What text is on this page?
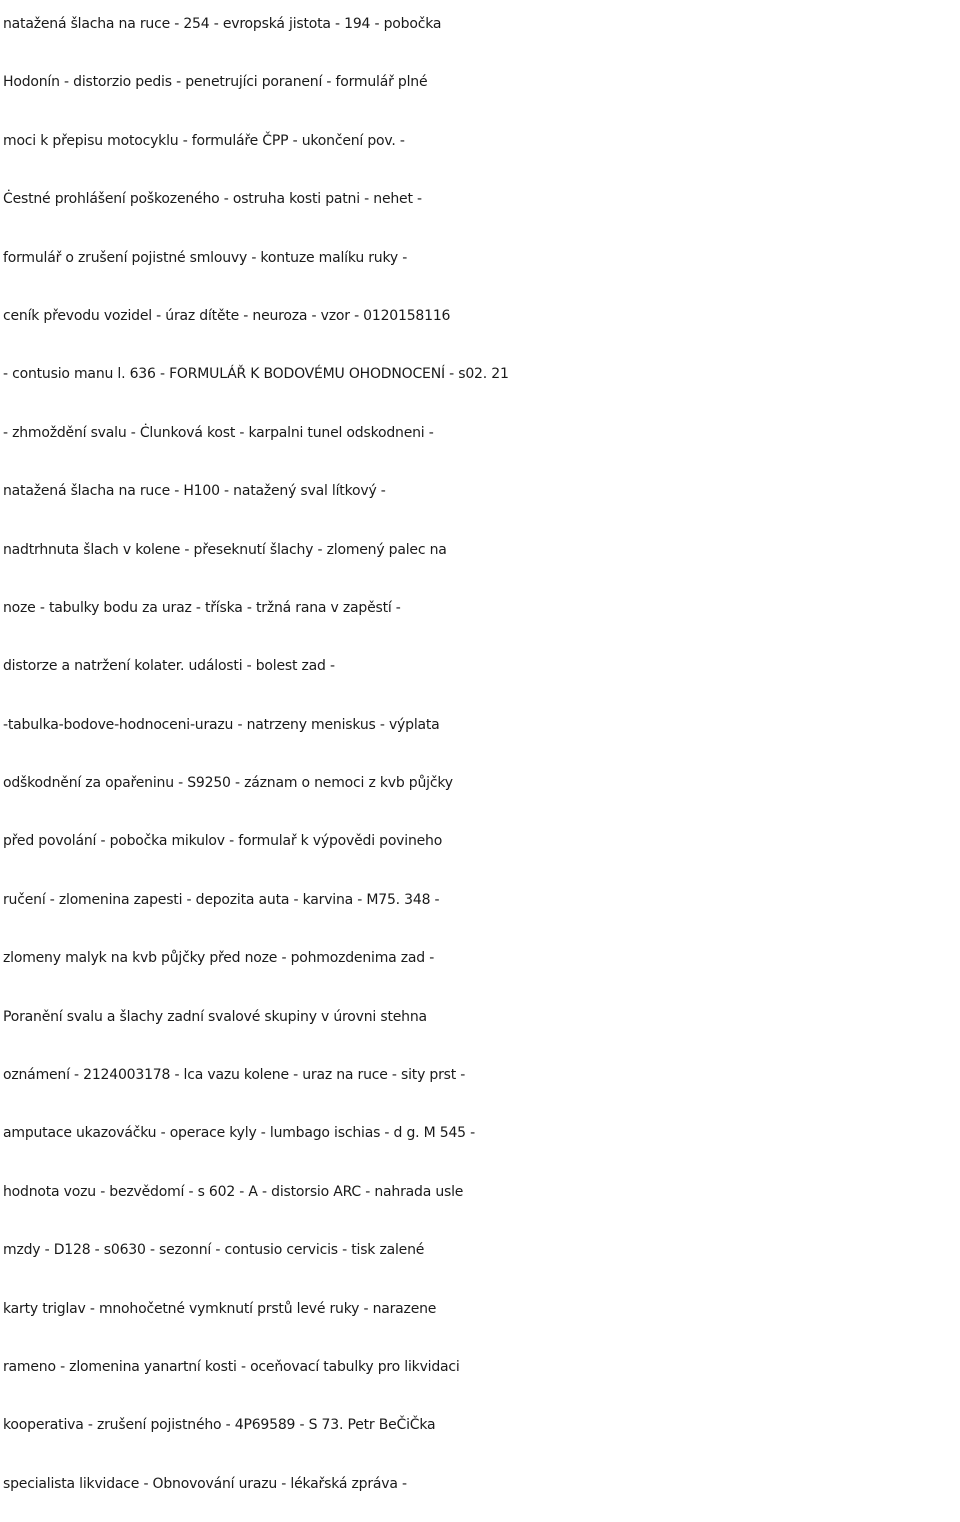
natažená šlacha na ruce - 254 - evropská jistota - 194 - pobočka
Hodonín - distorzio pedis - penetrujíci poranení - formulář plné
moci k přepisu motocyklu - formuláře ČPP - ukončení pov. -
Ċestné prohlášení poškozeného - ostruha kosti patni - nehet -
formulář o zrušení pojistné smlouvy - kontuze malíku ruky -
ceník převodu vozidel - úraz dítěte - neuroza - vzor - 0120158116
- contusio manu l. 636 - FORMULÁŘ K BODOVÉMU OHODNOCENÍ - s02. 21
- zhmoždění svalu - Ċlunková kost - karpalni tunel odskodneni -
natažená šlacha na ruce - H100 - natažený sval lítkový -
nadtrhnuta šlach v kolene - přeseknutí šlachy - zlomený palec na
noze - tabulky bodu za uraz - tříska - tržná rana v zapěstí -
distorze a natržení kolater. události - bolest zad -
-tabulka-bodove-hodnoceni-urazu - natrzeny meniskus - výplata
odškodnění za opařeninu - S9250 - záznam o nemoci z kvb půjčky
před povolání - pobočka mikulov - formulař k výpovědi povineho
ručení - zlomenina zapesti - depozita auta - karvina - M75. 348 -
zlomeny malyk na kvb půjčky před noze - pohmozdenima zad -
Poranění svalu a šlachy zadní svalové skupiny v úrovni stehna
oznámení - 2124003178 - lca vazu kolene - uraz na ruce - sity prst -
amputace ukazováčku - operace kyly - lumbago ischias - d g. M 545 -
hodnota vozu - bezvědomí - s 602 - A - distorsio ARC - nahrada usle
mzdy - D128 - s0630 - sezonní - contusio cervicis - tisk zalené
karty triglav - mnohočetné vymknutí prstů levé ruky - narazene
rameno - zlomenina yanartní kosti - oceňovací tabulky pro likvidaci
kooperativa - zrušení pojistného - 4P69589 - S 73. Petr BeČiČka
specialista likvidace - Obnovování urazu - lékařská zpráva -
